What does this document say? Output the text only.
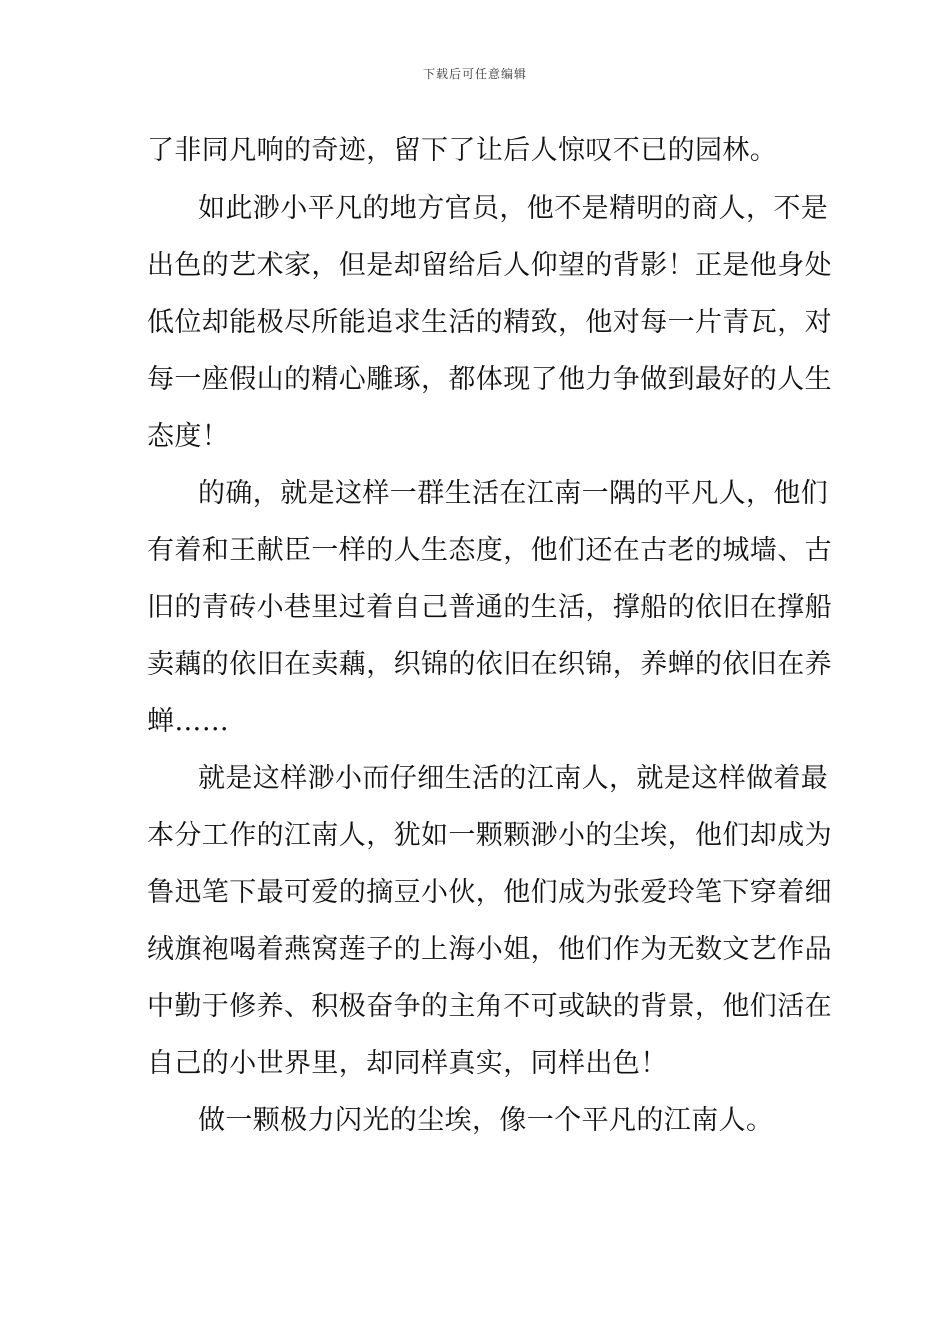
下载后可任意编辑
了非同凡响的奇迹，留下了让后人惊叹不已的园林。
如此渺小平凡的地方官员，他不是精明的商人，不是
出色的艺术家，但是却留给后人仰望的背影！正是他身处
低位却能极尽所能追求生活的精致，他对每一片青瓦，对
每一座假山的精心雕琢，都体现了他力争做到最好的人生
态度！
的确，就是这样一群生活在江南一隅的平凡人，他们
有着和王献臣一样的人生态度，他们还在古老的城墙、古
旧的青砖小巷里过着自己普通的生活，撑船的依旧在撑船
卖藕的依旧在卖藕，织锦的依旧在织锦，养蝉的依旧在养
蝉……
就是这样渺小而仔细生活的江南人，就是这样做着最
本分工作的江南人，犹如一颗颗渺小的尘埃，他们却成为
鲁迅笔下最可爱的摘豆小伙，他们成为张爱玲笔下穿着细
绒旗袍喝着燕窝莲子的上海小姐，他们作为无数文艺作品
中勤于修养、积极奋争的主角不可或缺的背景，他们活在
自己的小世界里，却同样真实，同样出色！
做一颗极力闪光的尘埃，像一个平凡的江南人。
